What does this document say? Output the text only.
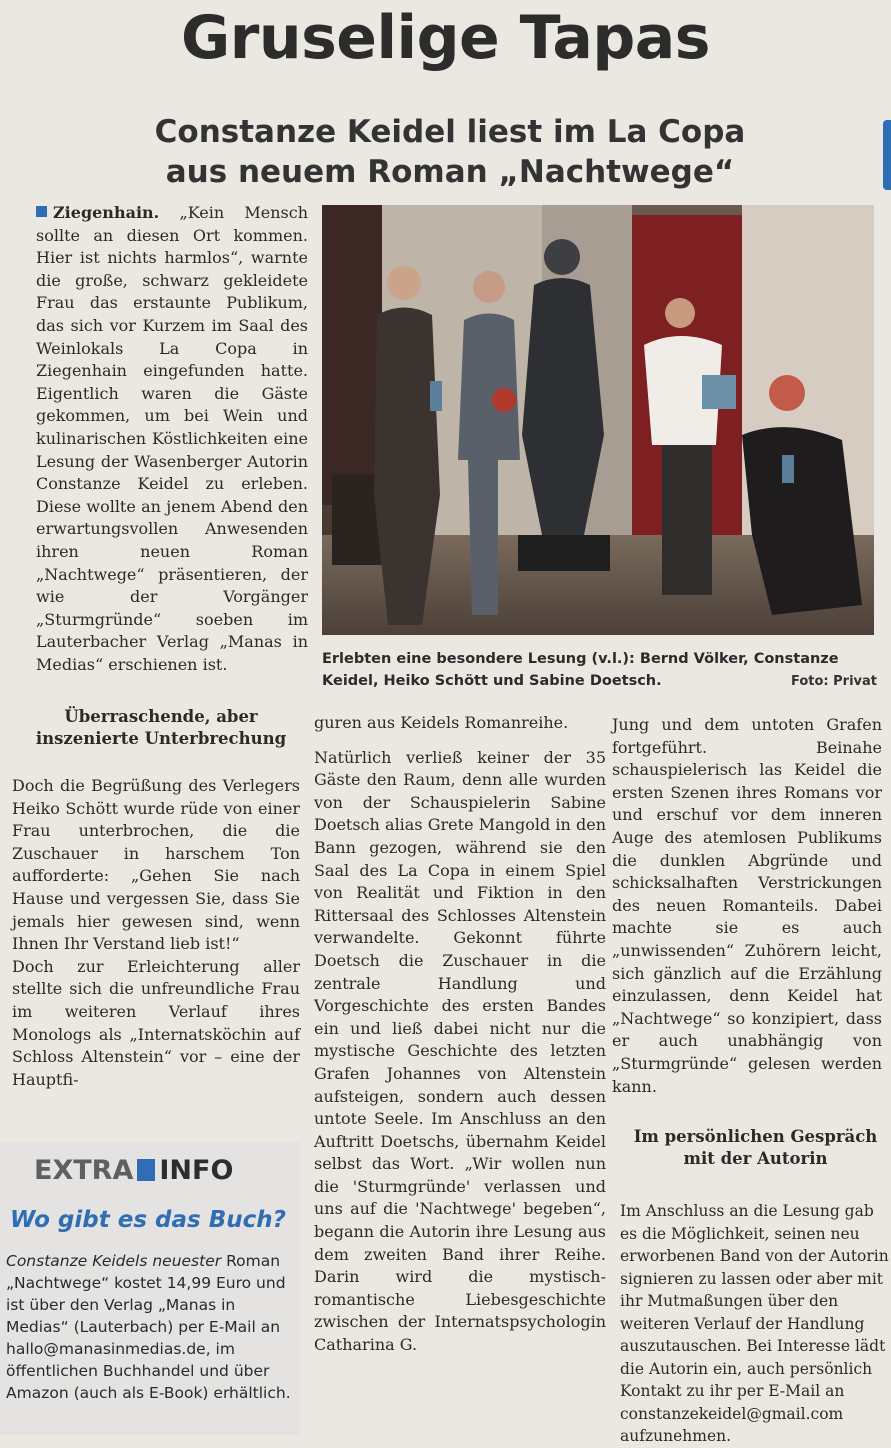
Gruselige Tapas
Constanze Keidel liest im La Copa
aus neuem Roman „Nachtwege“

Ziegenhain. „Kein Mensch sollte an diesen Ort kommen. Hier ist nichts harmlos“, warnte die große, schwarz gekleidete Frau das erstaunte Publikum, das sich vor Kurzem im Saal des Weinlokals La Copa in Ziegenhain eingefunden hatte. Eigentlich waren die Gäste gekommen, um bei Wein und kulinarischen Köstlichkeiten eine Lesung der Wasenberger Autorin Constanze Keidel zu erleben. Diese wollte an jenem Abend den erwartungsvollen Anwesenden ihren neuen Roman „Nachtwege“ präsentieren, der wie der Vorgänger „Sturmgründe“ soeben im Lauterbacher Verlag „Manas in Medias“ erschienen ist.	Erlebten eine besondere Lesung (v.l.): Bernd Völker, Constanze Keidel, Heiko Schött und Sabine Doetsch.	Foto: Privat
Überraschende, aber inszenierte Unterbrechung

Doch die Begrüßung des Verlegers Heiko Schött wurde rüde von einer Frau unterbrochen, die die Zuschauer in harschem Ton aufforderte: „Gehen Sie nach Hause und vergessen Sie, dass Sie jemals hier gewesen sind, wenn Ihnen Ihr Verstand lieb ist!“

Doch zur Erleichterung aller stellte sich die unfreundliche Frau im weiteren Verlauf ihres Monologs als „Internatsköchin auf Schloss Altenstein“ vor – eine der Hauptfi-

guren aus Keidels Romanreihe.

Natürlich verließ keiner der 35 Gäste den Raum, denn alle wurden von der Schauspielerin Sabine Doetsch alias Grete Mangold in den Bann gezogen, während sie den Saal des La Copa in einem Spiel von Realität und Fiktion in den Rittersaal des Schlosses Altenstein verwandelte. Gekonnt führte Doetsch die Zuschauer in die zentrale Handlung und Vorgeschichte des ersten Bandes ein und ließ dabei nicht nur die mystische Geschichte des letzten Grafen Johannes von Altenstein aufsteigen, sondern auch dessen untote Seele. Im Anschluss an den Auftritt Doetschs, übernahm Keidel selbst das Wort. „Wir wollen nun die 'Sturmgründe' verlassen und uns auf die 'Nachtwege' begeben“, begann die Autorin ihre Lesung aus dem zweiten Band ihrer Reihe. Darin wird die mystisch-romantische Liebesgeschichte zwischen der Internatspsychologin Catharina G.

Jung und dem untoten Grafen fortgeführt. Beinahe schauspielerisch las Keidel die ersten Szenen ihres Romans vor und erschuf vor dem inneren Auge des atemlosen Publikums die dunklen Abgründe und schicksalhaften Verstrickungen des neuen Romanteils. Dabei machte sie es auch „unwissenden“ Zuhörern leicht, sich gänzlich auf die Erzählung einzulassen, denn Keidel hat „Nachtwege“ so konzipiert, dass er auch unabhängig von „Sturmgründe“ gelesen werden kann.

Im persönlichen Gespräch mit der Autorin

Im Anschluss an die Lesung gab es die Möglichkeit, seinen neu erworbenen Band von der Autorin signieren zu lassen oder aber mit ihr Mutmaßungen über den weiteren Verlauf der Handlung auszutauschen. Bei Interesse lädt die Autorin ein, auch persönlich Kontakt zu ihr per E-Mail an constanzekeidel@gmail.com aufzunehmen.

EXTRA INFO
Wo gibt es das Buch?
Constanze Keidels neuester Roman „Nachtwege“ kostet 14,99 Euro und ist über den Verlag „Manas in Medias“ (Lauterbach) per E-Mail an hallo@manasinmedias.de, im öffentlichen Buchhandel und über Amazon (auch als E-Book) erhältlich.
